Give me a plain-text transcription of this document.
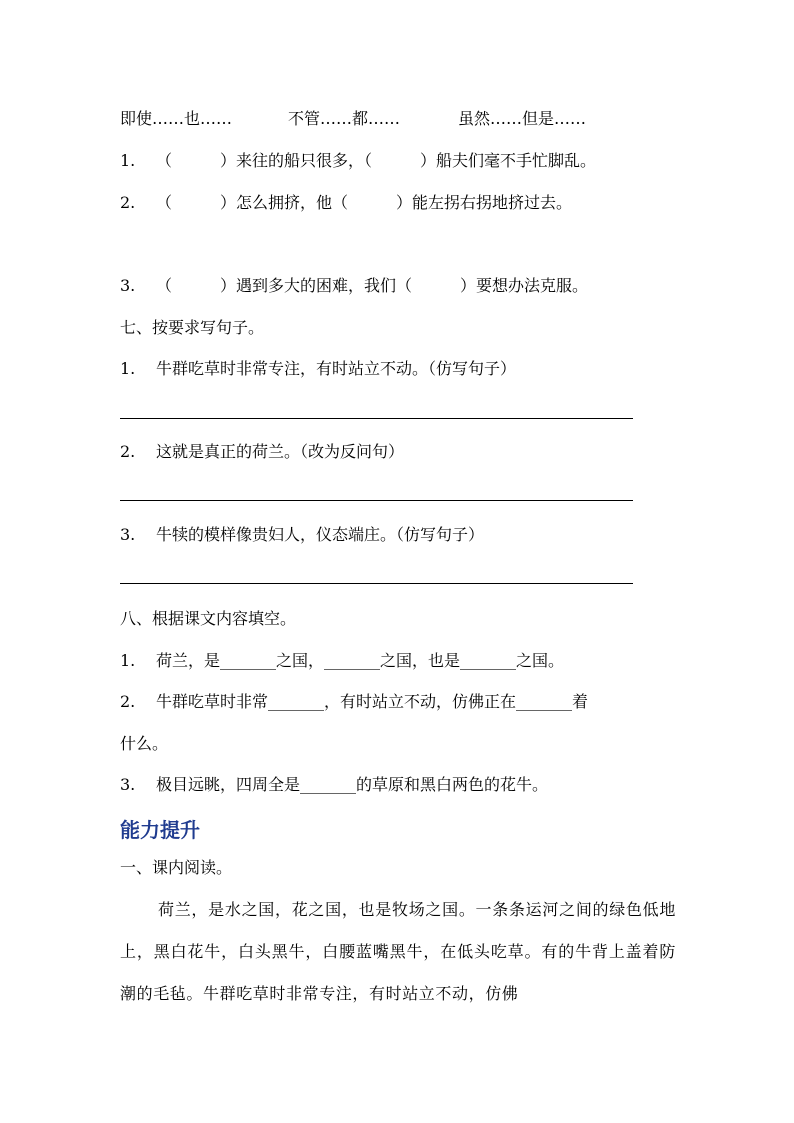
即使……也……	不管……都……	虽然……但是……
1. （　　　）来往的船只很多，（　　　）船夫们毫不手忙脚乱。
2. （　　　）怎么拥挤，他（　　　）能左拐右拐地挤过去。
3. （　　　）遇到多大的困难，我们（　　　）要想办法克服。
七、按要求写句子。
1. 牛群吃草时非常专注，有时站立不动。（仿写句子）
2. 这就是真正的荷兰。（改为反问句）
3. 牛犊的模样像贵妇人，仪态端庄。（仿写句子）
八、根据课文内容填空。
1. 荷兰，是_______之国，_______之国，也是_______之国。
2. 牛群吃草时非常_______，有时站立不动，仿佛正在_______着
什么。
3. 极目远眺，四周全是_______的草原和黑白两色的花牛。
能力提升
一、课内阅读。
荷兰，是水之国，花之国，也是牧场之国。一条条运河之间的绿色低地上，黑白花牛，白头黑牛，白腰蓝嘴黑牛，在低头吃草。有的牛背上盖着防潮的毛毡。牛群吃草时非常专注，有时站立不动，仿佛
